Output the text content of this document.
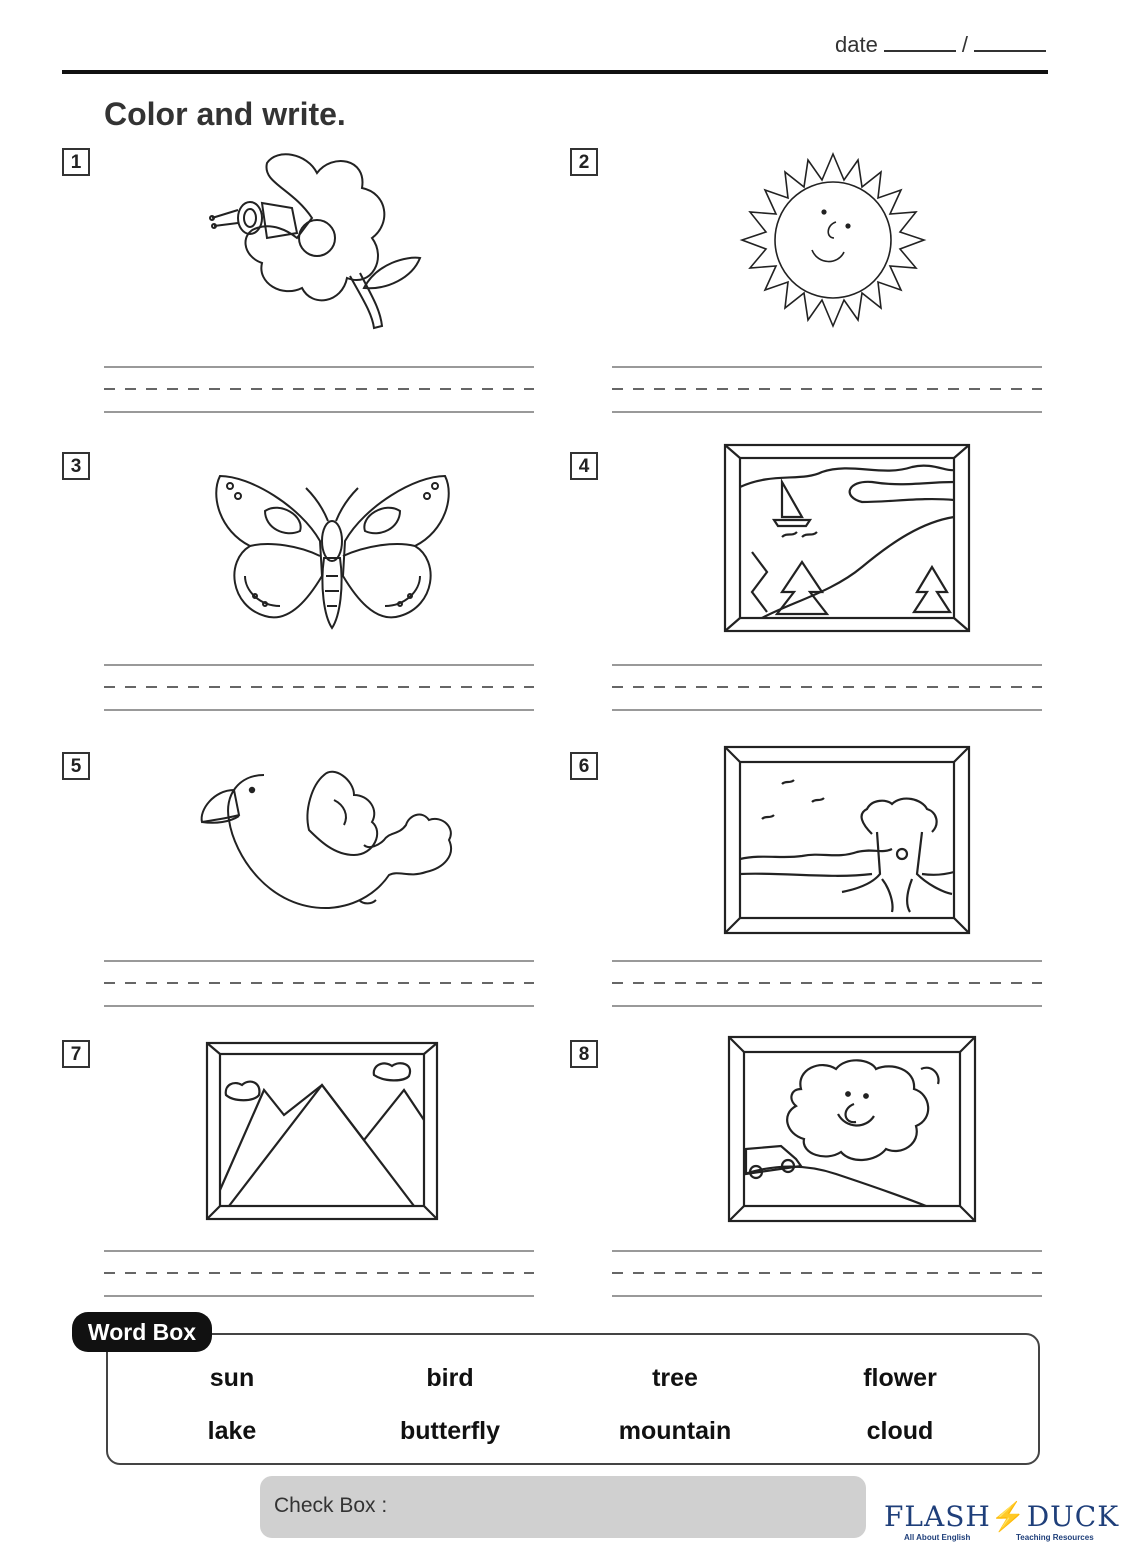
date	/
Color and write.
1	2
3	4
5	6
7	8
Word Box
sun	bird	tree	flower
lake	butterfly	mountain	cloud
Check Box :	FLASH⚡DUCK
All About English	Teaching Resources
